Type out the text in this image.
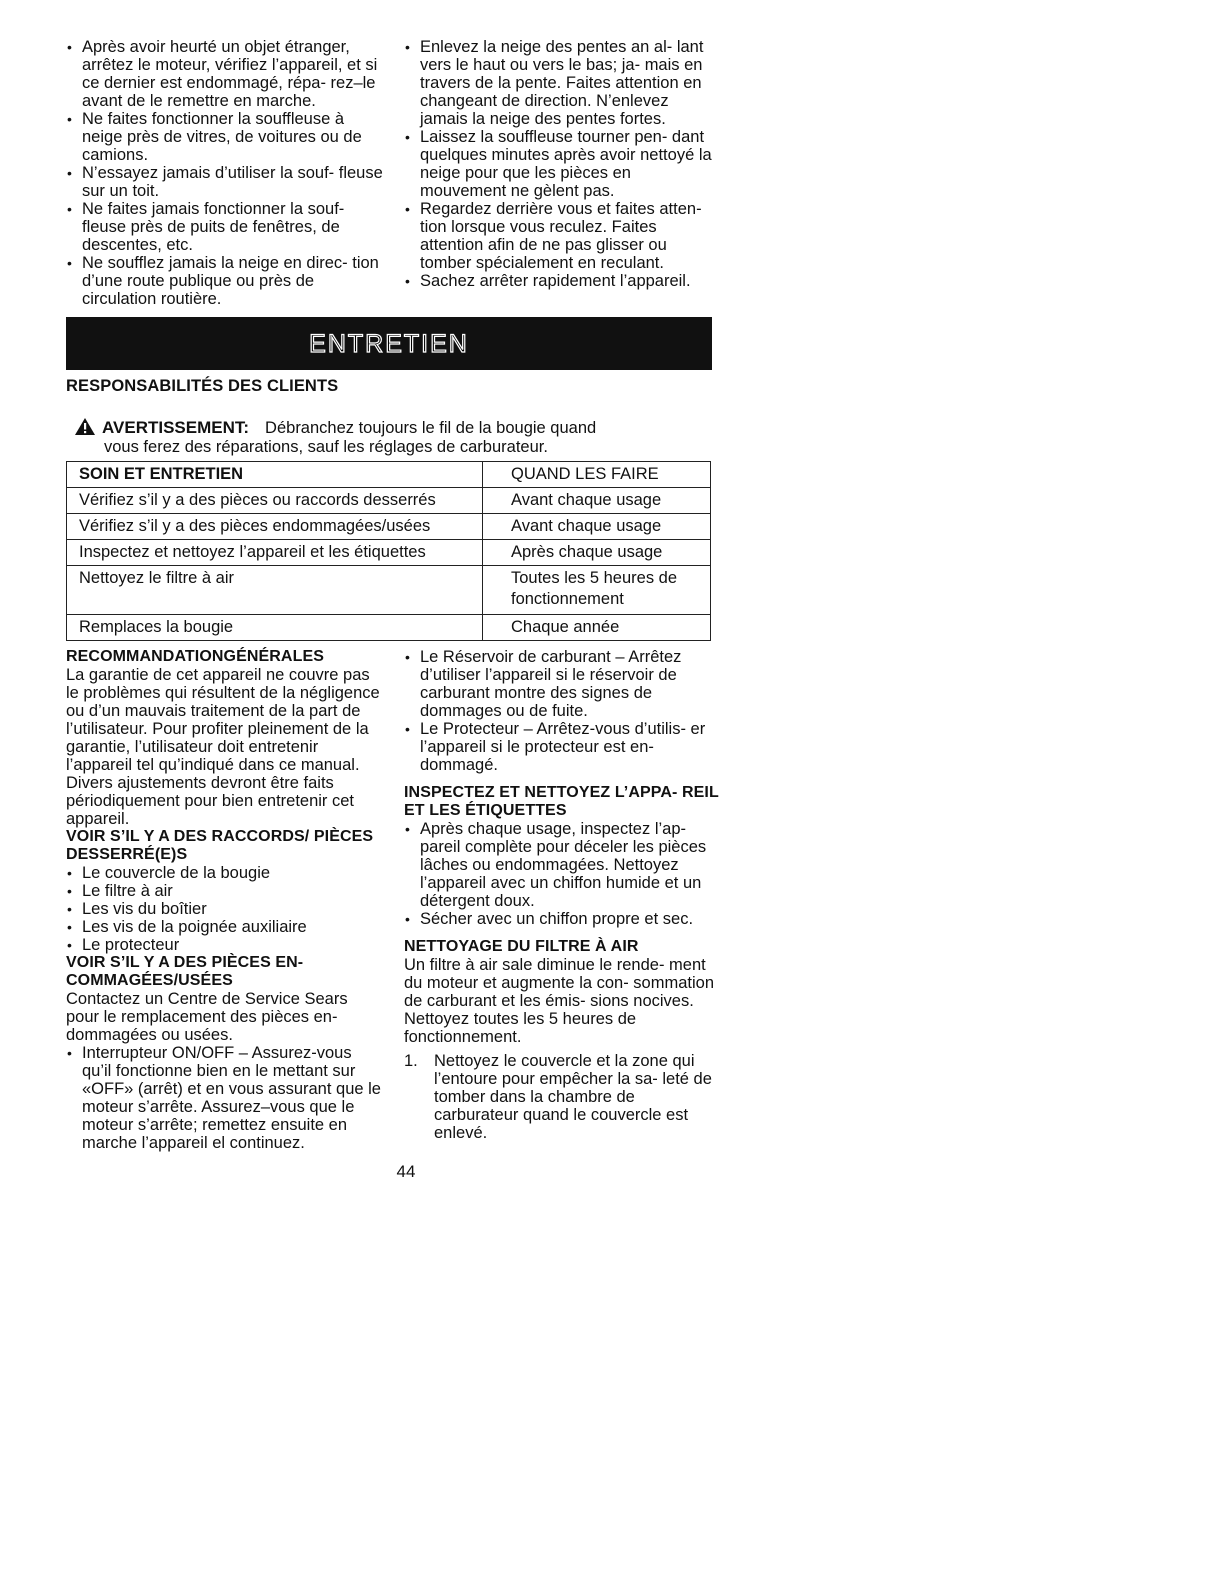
• Après avoir heurté un objet étranger, arrêtez le moteur, vérifiez l’appareil, et si ce dernier est endommagé, répa- rez–le avant de le remettre en marche.
• Ne faites fonctionner la souffleuse à neige près de vitres, de voitures ou de camions.
• N’essayez jamais d’utiliser la souf- fleuse sur un toit.
• Ne faites jamais fonctionner la souf- fleuse près de puits de fenêtres, de descentes, etc.
• Ne soufflez jamais la neige en direc- tion d’une route publique ou près de circulation routière.
• Enlevez la neige des pentes an al- lant vers le haut ou vers le bas; ja- mais en travers de la pente. Faites attention en changeant de direction. N’enlevez jamais la neige des pentes fortes.
• Laissez la souffleuse tourner pen- dant quelques minutes après avoir nettoyé la neige pour que les pièces en mouvement ne gèlent pas.
• Regardez derrière vous et faites atten- tion lorsque vous reculez. Faites attention afin de ne pas glisser ou tomber spécialement en reculant.
• Sachez arrêter rapidement l’appareil.
ENTRETIEN
RESPONSABILITÉS DES CLIENTS
AVERTISSEMENT: Débranchez toujours le fil de la bougie quand
vous ferez des réparations, sauf les réglages de carburateur.
SOIN ET ENTRETIEN	QUAND LES FAIRE
Vérifiez s’il y a des pièces ou raccords desserrés	Avant chaque usage
Vérifiez s’il y a des pièces endommagées/usées	Avant chaque usage
Inspectez et nettoyez l’appareil et les étiquettes	Après chaque usage
Nettoyez le filtre à air	Toutes les 5 heures de fonctionnement
Remplaces la bougie	Chaque année
RECOMMANDATIONGÉNÉRALES

La garantie de cet appareil ne couvre pas le problèmes qui résultent de la négligence ou d’un mauvais traitement de la part de l’utilisateur. Pour profiter pleinement de la garantie, l’utilisateur doit entretenir l’appareil tel qu’indiqué dans ce manual. Divers ajustements devront être faits périodiquement pour bien entretenir cet appareil.

VOIR S’IL Y A DES RACCORDS/ PIÈCES DESSERRÉ(E)S
• Le couvercle de la bougie
• Le filtre à air
• Les vis du boîtier
• Les vis de la poignée auxiliaire
• Le protecteur
VOIR S’IL Y A DES PIÈCES EN- COMMAGÉES/USÉES

Contactez un Centre de Service Sears pour le remplacement des pièces en- dommagées ou usées.

• Interrupteur ON/OFF – Assurez-vous qu’il fonctionne bien en le mettant sur «OFF» (arrêt) et en vous assurant que le moteur s’arrête. Assurez–vous que le moteur s’arrête; remettez ensuite en marche l’appareil el continuez.
• Le Réservoir de carburant – Arrêtez d’utiliser l’appareil si le réservoir de carburant montre des signes de dommages ou de fuite.
• Le Protecteur – Arrêtez-vous d’utilis- er l’appareil si le protecteur est en- dommagé.
INSPECTEZ ET NETTOYEZ L’APPA- REIL ET LES ÉTIQUETTES
• Après chaque usage, inspectez l’ap- pareil complète pour déceler les pièces lâches ou endommagées. Nettoyez l’appareil avec un chiffon humide et un détergent doux.
• Sécher avec un chiffon propre et sec.
NETTOYAGE DU FILTRE À AIR

Un filtre à air sale diminue le rende- ment du moteur et augmente la con- sommation de carburant et les émis- sions nocives. Nettoyez toutes les 5 heures de fonctionnement.

1. Nettoyez le couvercle et la zone qui l’entoure pour empêcher la sa- leté de tomber dans la chambre de carburateur quand le couvercle est enlevé.
44
